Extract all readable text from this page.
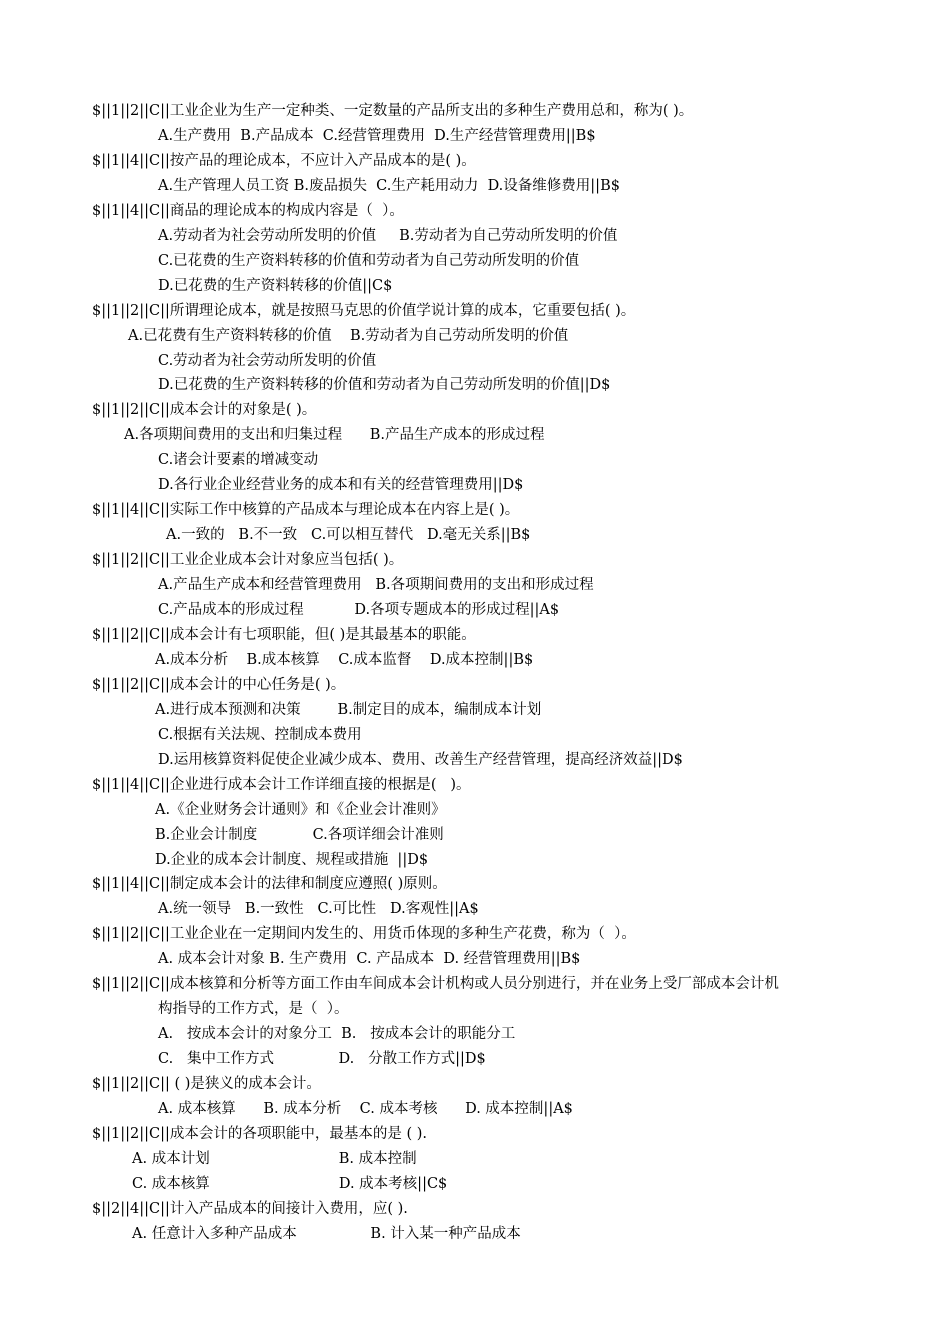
$||1||2||C||工业企业为生产一定种类、一定数量的产品所支出的多种生产费用总和，称为( )。
A.生产费用  B.产品成本  C.经营管理费用  D.生产经营管理费用||B$
$||1||4||C||按产品的理论成本，不应计入产品成本的是( )。
A.生产管理人员工资 B.废品损失  C.生产耗用动力  D.设备维修费用||B$
$||1||4||C||商品的理论成本的构成内容是（  ）。
A.劳动者为社会劳动所发明的价值     B.劳动者为自己劳动所发明的价值
C.已花费的生产资料转移的价值和劳动者为自己劳动所发明的价值
D.已花费的生产资料转移的价值||C$
$||1||2||C||所谓理论成本，就是按照马克思的价值学说计算的成本，它重要包括( )。
A.已花费有生产资料转移的价值    B.劳动者为自己劳动所发明的价值
C.劳动者为社会劳动所发明的价值
D.已花费的生产资料转移的价值和劳动者为自己劳动所发明的价值||D$
$||1||2||C||成本会计的对象是( )。
A.各项期间费用的支出和归集过程      B.产品生产成本的形成过程
C.诸会计要素的增减变动
D.各行业企业经营业务的成本和有关的经营管理费用||D$
$||1||4||C||实际工作中核算的产品成本与理论成本在内容上是( )。
A.一致的   B.不一致   C.可以相互替代   D.毫无关系||B$
$||1||2||C||工业企业成本会计对象应当包括( )。
A.产品生产成本和经营管理费用   B.各项期间费用的支出和形成过程
C.产品成本的形成过程           D.各项专题成本的形成过程||A$
$||1||2||C||成本会计有七项职能，但( )是其最基本的职能。
A.成本分析    B.成本核算    C.成本监督    D.成本控制||B$
$||1||2||C||成本会计的中心任务是( )。
A.进行成本预测和决策        B.制定目的成本，编制成本计划
C.根据有关法规、控制成本费用
D.运用核算资料促使企业减少成本、费用、改善生产经营管理，提高经济效益||D$
$||1||4||C||企业进行成本会计工作详细直接的根据是(   )。
A.《企业财务会计通则》和《企业会计准则》
B.企业会计制度            C.各项详细会计准则
D.企业的成本会计制度、规程或措施  ||D$
$||1||4||C||制定成本会计的法律和制度应遵照( )原则。
A.统一领导   B.一致性   C.可比性   D.客观性||A$
$||1||2||C||工业企业在一定期间内发生的、用货币体现的多种生产花费，称为（  ）。
A. 成本会计对象 B. 生产费用  C. 产品成本  D. 经营管理费用||B$
$||1||2||C||成本核算和分析等方面工作由车间成本会计机构或人员分别进行，并在业务上受厂部成本会计机
构指导的工作方式，是（  ）。
A.   按成本会计的对象分工  B.   按成本会计的职能分工
C.   集中工作方式              D.   分散工作方式||D$
$||1||2||C|| ( )是狭义的成本会计。
A. 成本核算      B. 成本分析    C. 成本考核      D. 成本控制||A$
$||1||2||C||成本会计的各项职能中，最基本的是 ( ).
A. 成本计划                            B. 成本控制
C. 成本核算                            D. 成本考核||C$
$||2||4||C||计入产品成本的间接计入费用，应( ).
A. 任意计入多种产品成本                B. 计入某一种产品成本
